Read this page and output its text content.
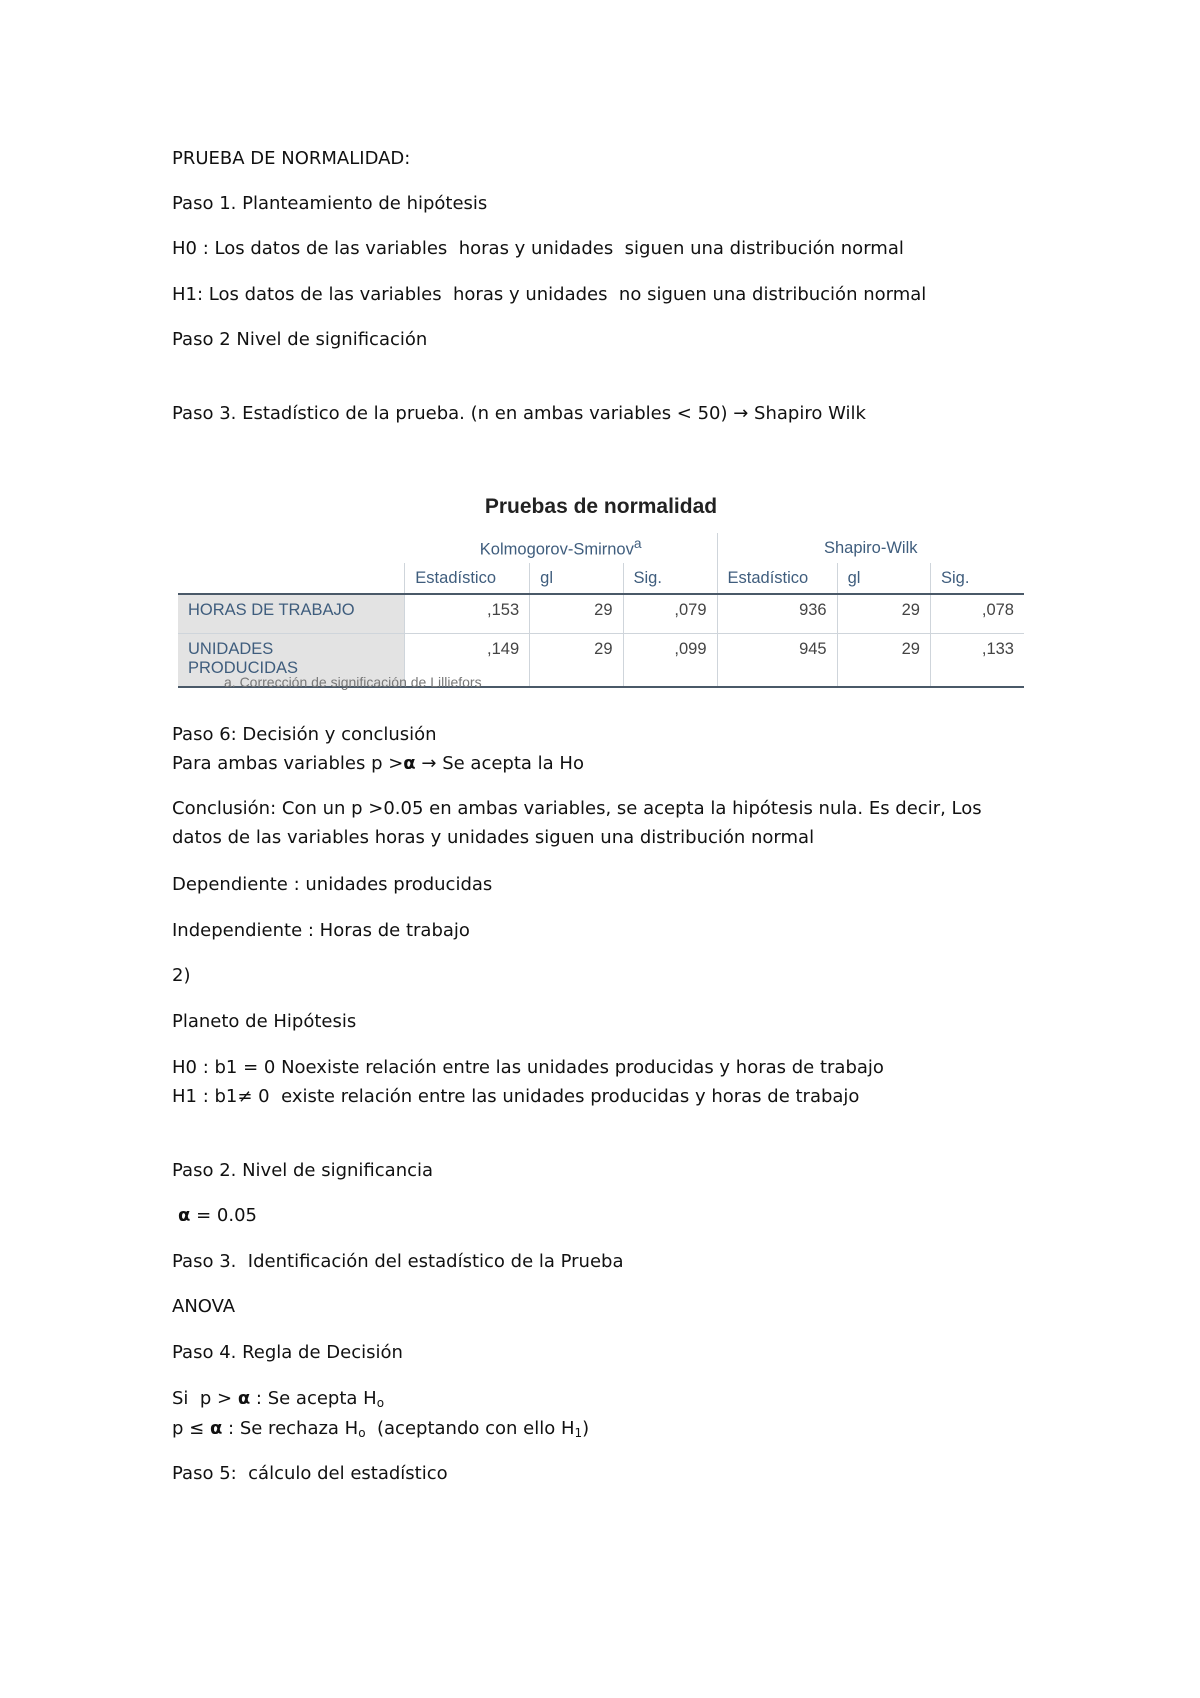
PRUEBA DE NORMALIDAD:
Paso 1. Planteamiento de hipótesis
H0 : Los datos de las variables  horas y unidades  siguen una distribución normal
H1: Los datos de las variables  horas y unidades  no siguen una distribución normal
Paso 2 Nivel de significación
Paso 3. Estadístico de la prueba. (n en ambas variables < 50) → Shapiro Wilk
Pruebas de normalidad
	Kolmogorov-Smirnov$^a$			Shapiro-Wilk		
	Estadístico	gl	Sig.	Estadístico	gl	Sig.
HORAS DE TRABAJO	,153	29	,079	936	29	,078
UNIDADES
PRODUCIDAS	,149	29	,099	945	29	,133
a. Corrección de significación de Lilliefors
Paso 6: Decisión y conclusión
Para ambas variables p >α → Se acepta la Ho
Conclusión: Con un p >0.05 en ambas variables, se acepta la hipótesis nula. Es decir, Los datos de las variables horas y unidades siguen una distribución normal
Dependiente : unidades producidas
Independiente : Horas de trabajo
2)
Planeto de Hipótesis
H0 : b1 = 0 Noexiste relación entre las unidades producidas y horas de trabajo
H1 : b1≠ 0  existe relación entre las unidades producidas y horas de trabajo
Paso 2. Nivel de significancia
α = 0.05
Paso 3.  Identificación del estadístico de la Prueba
ANOVA
Paso 4. Regla de Decisión
Si  p > α : Se acepta $H_o$
p ≤ α : Se rechaza $H_o$  (aceptando con ello $H_1$)
Paso 5:  cálculo del estadístico
